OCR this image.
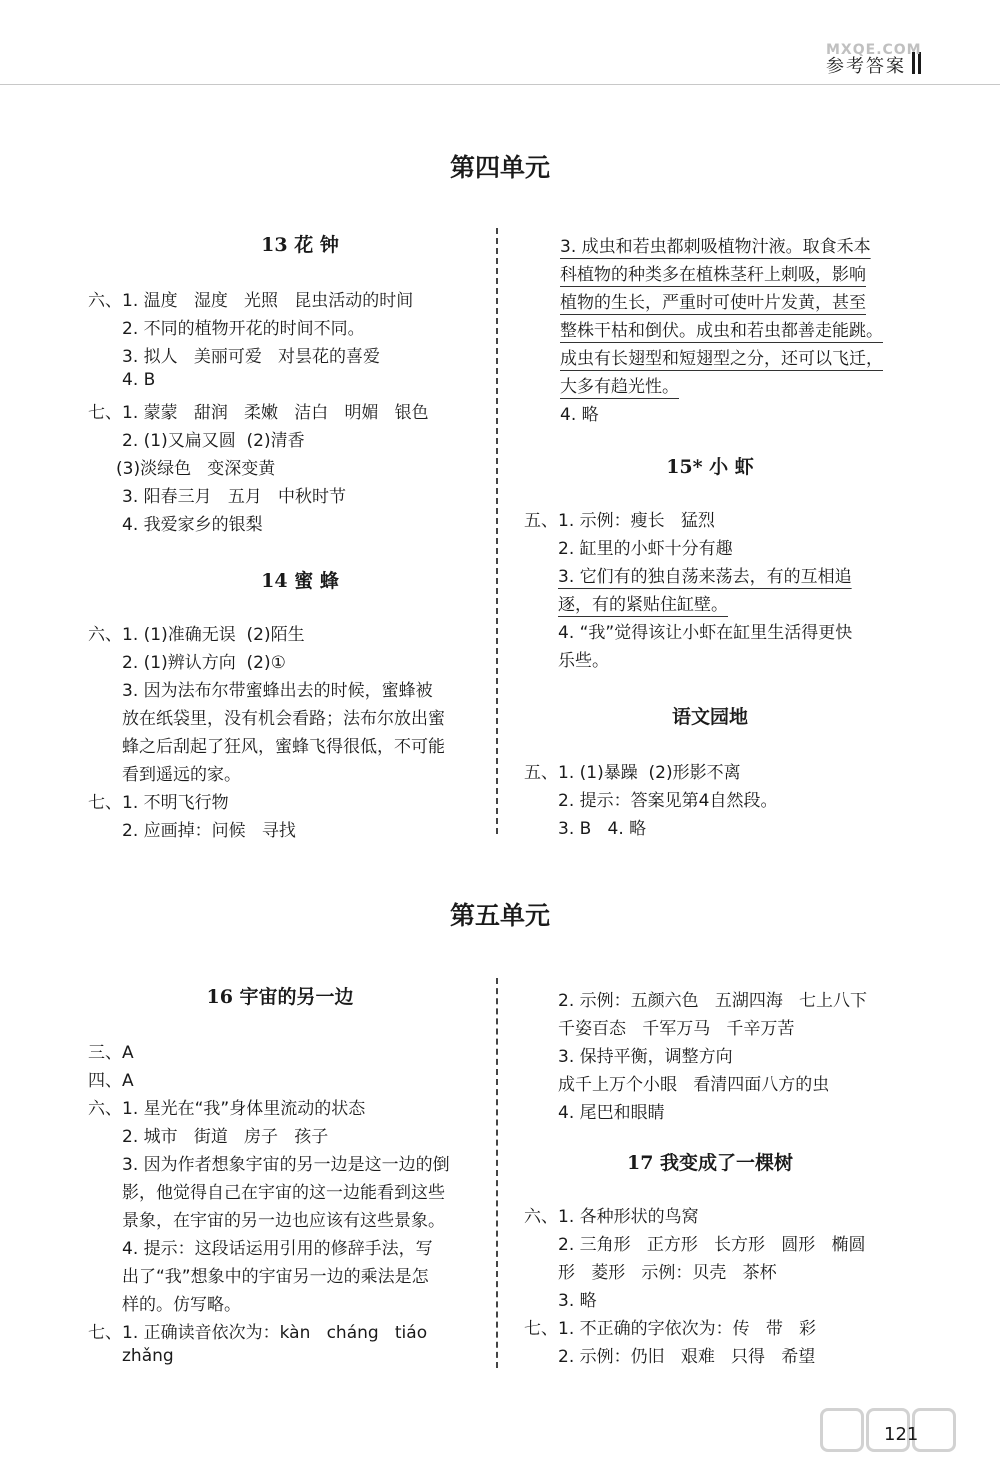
参考答案
第四单元
13 花 钟
六、1. 温度   湿度   光照   昆虫活动的时间
2. 不同的植物开花的时间不同。
3. 拟人   美丽可爱   对昙花的喜爱
4. B
七、1. 蒙蒙   甜润   柔嫩   洁白   明媚   银色
2. (1)又扁又圆  (2)清香
(3)淡绿色   变深变黄
3. 阳春三月   五月   中秋时节
4. 我爱家乡的银梨
14 蜜 蜂
六、1. (1)准确无误  (2)陌生
2. (1)辨认方向  (2)①
3. 因为法布尔带蜜蜂出去的时候，蜜蜂被
放在纸袋里，没有机会看路；法布尔放出蜜
蜂之后刮起了狂风，蜜蜂飞得很低，不可能
看到遥远的家。
七、1. 不明飞行物
2. 应画掉：问候   寻找
3. 成虫和若虫都刺吸植物汁液。取食禾本
科植物的种类多在植株茎秆上刺吸，影响
植物的生长，严重时可使叶片发黄，甚至
整株干枯和倒伏。成虫和若虫都善走能跳。
成虫有长翅型和短翅型之分，还可以飞迁，
大多有趋光性。
4. 略
15* 小 虾
五、1. 示例：瘦长   猛烈
2. 缸里的小虾十分有趣
3. 它们有的独自荡来荡去，有的互相追
逐，有的紧贴住缸壁。
4. “我”觉得该让小虾在缸里生活得更快
乐些。
语文园地
五、1. (1)暴躁  (2)形影不离
2. 提示：答案见第4自然段。
3. B   4. 略
第五单元
16 宇宙的另一边
三、A
四、A
六、1. 星光在“我”身体里流动的状态
2. 城市   街道   房子   孩子
3. 因为作者想象宇宙的另一边是这一边的倒
影，他觉得自己在宇宙的这一边能看到这些
景象，在宇宙的另一边也应该有这些景象。
4. 提示：这段话运用引用的修辞手法，写
出了“我”想象中的宇宙另一边的乘法是怎
样的。仿写略。
七、1. 正确读音依次为：kàn   cháng   tiáo
zhǎng
2. 示例：五颜六色   五湖四海   七上八下
千姿百态   千军万马   千辛万苦
3. 保持平衡，调整方向
成千上万个小眼   看清四面八方的虫
4. 尾巴和眼睛
17 我变成了一棵树
六、1. 各种形状的鸟窝
2. 三角形   正方形   长方形   圆形   椭圆
形   菱形   示例：贝壳   茶杯
3. 略
七、1. 不正确的字依次为：传   带   彩
2. 示例：仍旧   艰难   只得   希望
MXQE.COM
121
